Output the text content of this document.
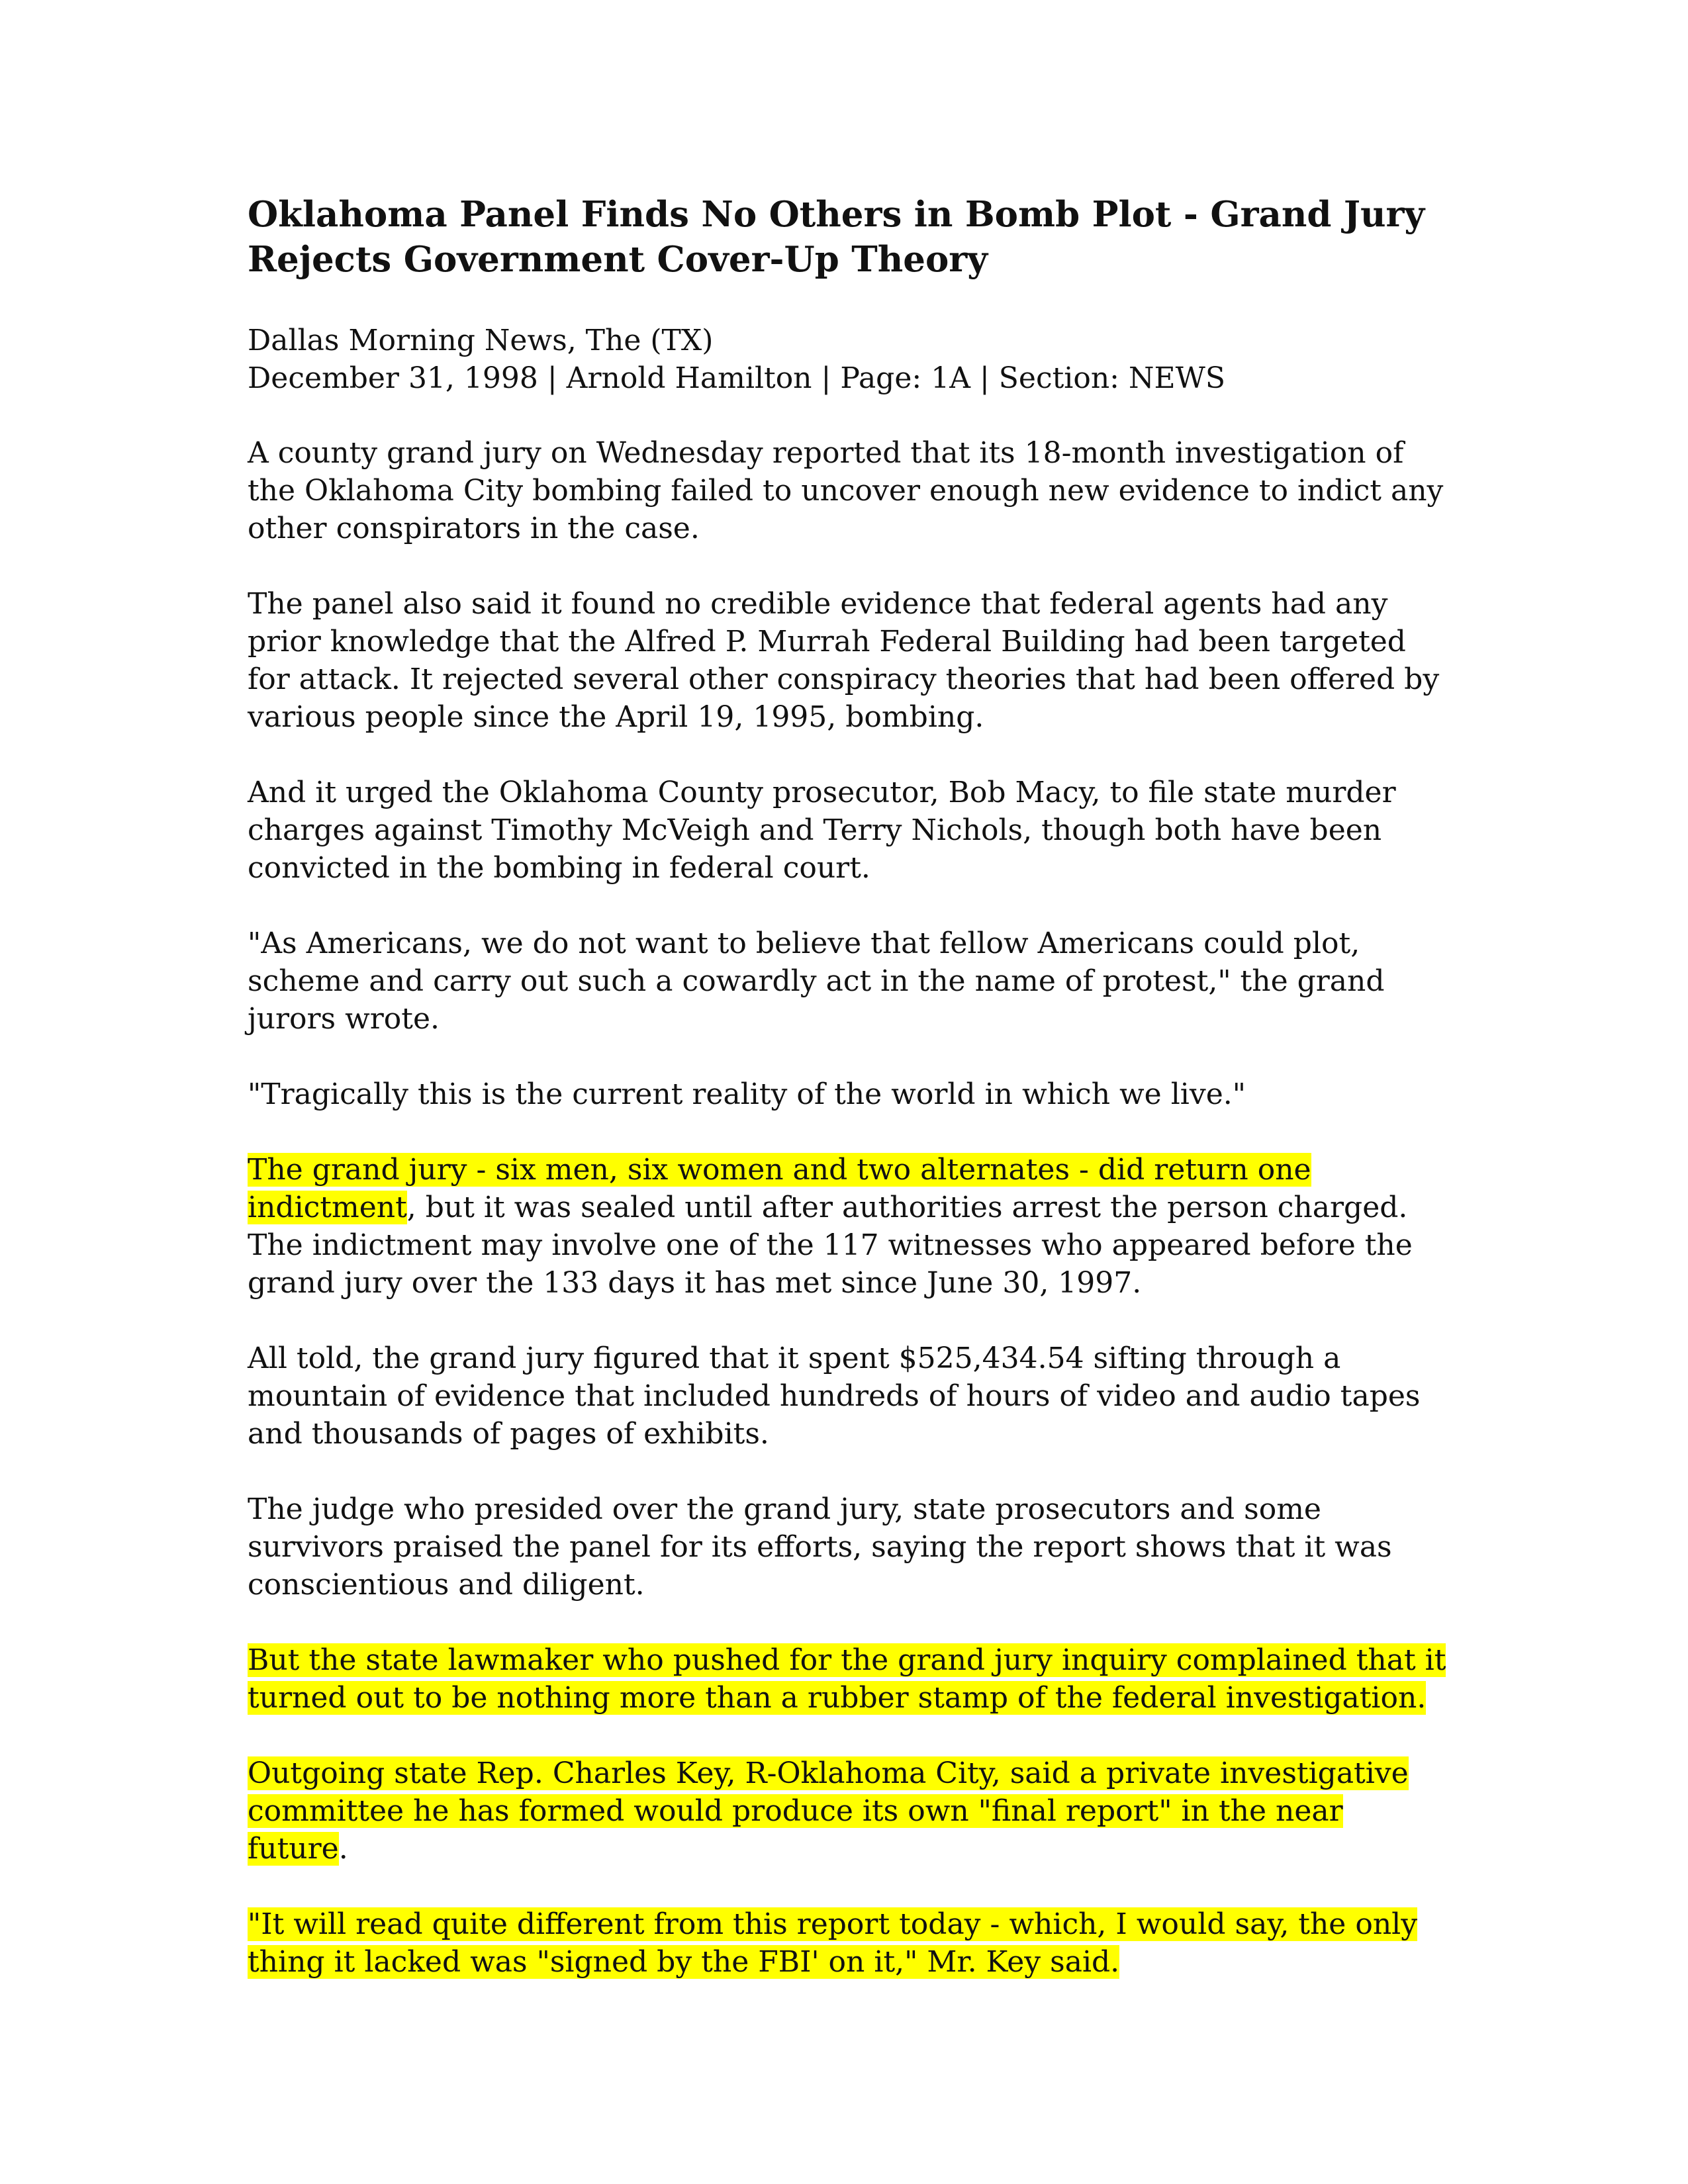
Oklahoma Panel Finds No Others in Bomb Plot - Grand Jury Rejects Government Cover-Up Theory
Dallas Morning News, The (TX)
December 31, 1998 | Arnold Hamilton | Page: 1A | Section: NEWS

A county grand jury on Wednesday reported that its 18-month investigation of the Oklahoma City bombing failed to uncover enough new evidence to indict any other conspirators in the case.

The panel also said it found no credible evidence that federal agents had any prior knowledge that the Alfred P. Murrah Federal Building had been targeted for attack. It rejected several other conspiracy theories that had been offered by various people since the April 19, 1995, bombing.

And it urged the Oklahoma County prosecutor, Bob Macy, to file state murder charges against Timothy McVeigh and Terry Nichols, though both have been convicted in the bombing in federal court.

"As Americans, we do not want to believe that fellow Americans could plot, scheme and carry out such a cowardly act in the name of protest," the grand jurors wrote.

"Tragically this is the current reality of the world in which we live."

The grand jury - six men, six women and two alternates - did return one indictment, but it was sealed until after authorities arrest the person charged. The indictment may involve one of the 117 witnesses who appeared before the grand jury over the 133 days it has met since June 30, 1997.

All told, the grand jury figured that it spent $525,434.54 sifting through a mountain of evidence that included hundreds of hours of video and audio tapes and thousands of pages of exhibits.

The judge who presided over the grand jury, state prosecutors and some survivors praised the panel for its efforts, saying the report shows that it was conscientious and diligent.

But the state lawmaker who pushed for the grand jury inquiry complained that it turned out to be nothing more than a rubber stamp of the federal investigation.

Outgoing state Rep. Charles Key, R-Oklahoma City, said a private investigative committee he has formed would produce its own "final report" in the near future.

"It will read quite different from this report today - which, I would say, the only thing it lacked was "signed by the FBI' on it," Mr. Key said.
